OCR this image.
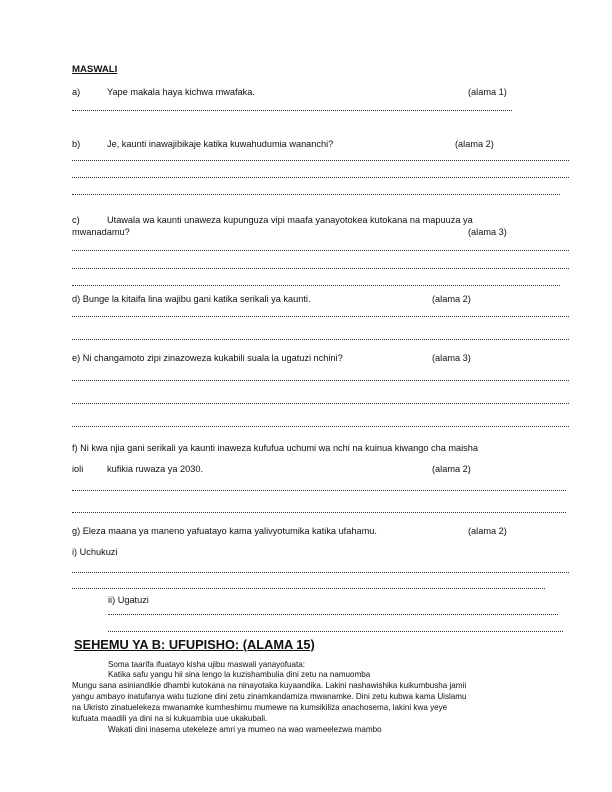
MASWALI
a)	Yape makala haya kichwa mwafaka.	(alama 1)
b)	Je, kaunti inawajibikaje katika kuwahudumia wananchi?	(alama 2)
c)	Utawala wa kaunti unaweza kupunguza vipi maafa yanayotokea kutokana na mapuuza ya
mwanadamu?	(alama 3)
d) Bunge la kitaifa lina wajibu gani katika serikali ya kaunti.	(alama 2)
e) Ni changamoto zipi zinazoweza kukabili suala la ugatuzi nchini?	(alama 3)
f) Ni kwa njia gani serikali ya kaunti inaweza kufufua uchumi wa nchi na kuinua kiwango cha maisha
ioli	kufikia ruwaza ya 2030.	(alama 2)
g) Eleza maana ya maneno yafuatayo kama yalivyotumika katika ufahamu.	(alama 2)
i) Uchukuzi
ii) Ugatuzi
SEHEMU YA B: UFUPISHO: (ALAMA 15)
Soma taarifa ifuatayo kisha ujibu maswali yanayofuata:
Katika safu yangu hii sina lengo la kuzishambulia dini zetu na namuomba
Mungu sana asiniandikie dhambi kutokana na ninayotaka kuyaandika. Lakini nashawishika kuikumbusha jamii
yangu ambayo inatufanya watu tuzione dini zetu zinamkandamiza mwanamke. Dini zetu kubwa kama Uislamu
na Ukristo zinatuelekeza mwanamke kumheshimu mumewe na kumsikiliza anachosema, lakini kwa yeye
kufuata maadili ya dini na si kukuambia uue ukakubali.
Wakati dini inasema utekeleze amri ya mumeo na wao wameelezwa mambo
